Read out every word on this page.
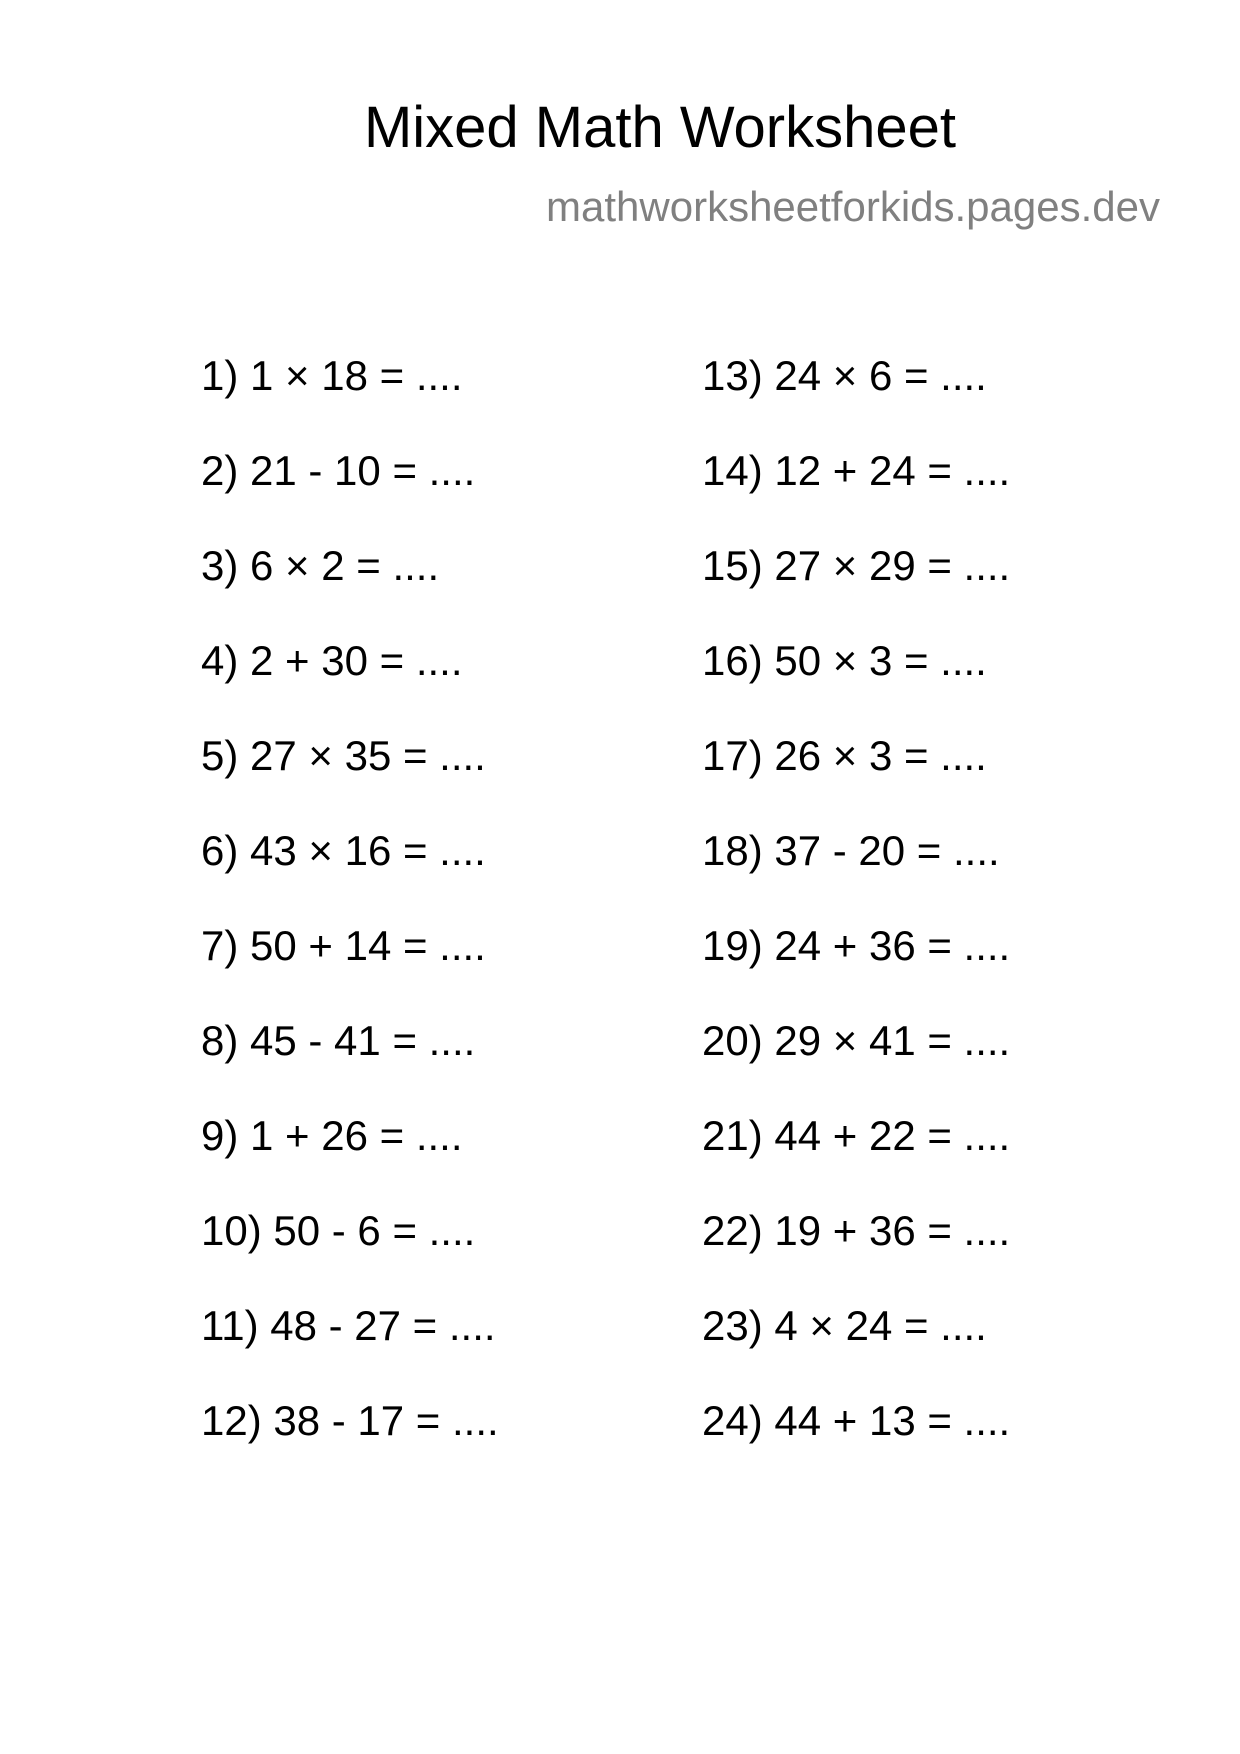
Mixed Math Worksheet
mathworksheetforkids.pages.dev
1) 1 × 18 = ....
2) 21 - 10 = ....
3) 6 × 2 = ....
4) 2 + 30 = ....
5) 27 × 35 = ....
6) 43 × 16 = ....
7) 50 + 14 = ....
8) 45 - 41 = ....
9) 1 + 26 = ....
10) 50 - 6 = ....
11) 48 - 27 = ....
12) 38 - 17 = ....
13) 24 × 6 = ....
14) 12 + 24 = ....
15) 27 × 29 = ....
16) 50 × 3 = ....
17) 26 × 3 = ....
18) 37 - 20 = ....
19) 24 + 36 = ....
20) 29 × 41 = ....
21) 44 + 22 = ....
22) 19 + 36 = ....
23) 4 × 24 = ....
24) 44 + 13 = ....
